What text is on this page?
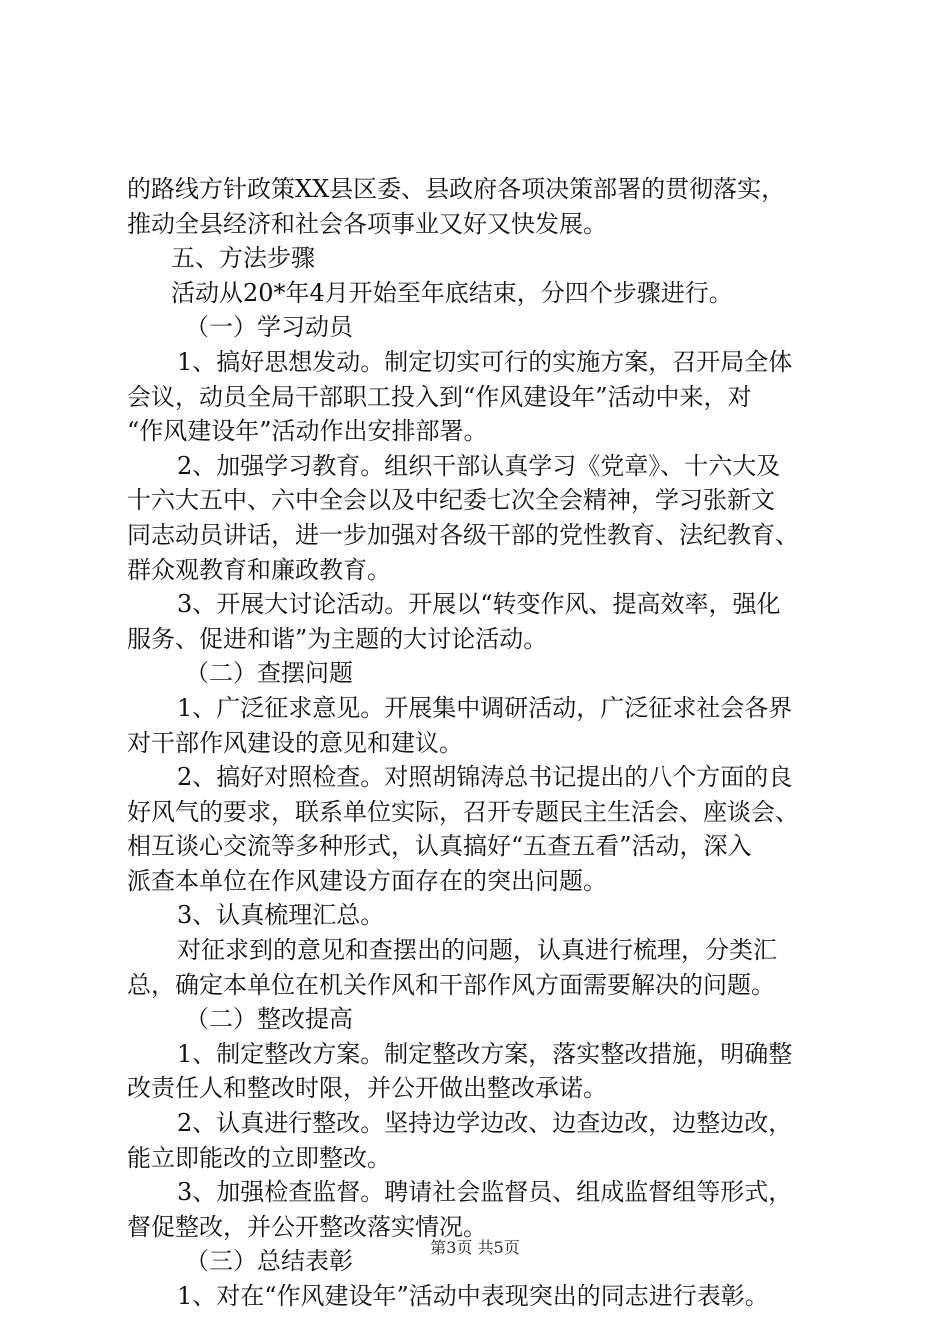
的路线方针政策XX县区委、县政府各项决策部署的贯彻落实，
推动全县经济和社会各项事业又好又快发展。
五、方法步骤
活动从20*年4月开始至年底结束，分四个步骤进行。
（一）学习动员
1、搞好思想发动。制定切实可行的实施方案，召开局全体
会议，动员全局干部职工投入到“作风建设年”活动中来，对
“作风建设年”活动作出安排部署。
2、加强学习教育。组织干部认真学习《党章》、十六大及
十六大五中、六中全会以及中纪委七次全会精神，学习张新文
同志动员讲话，进一步加强对各级干部的党性教育、法纪教育、
群众观教育和廉政教育。
3、开展大讨论活动。开展以“转变作风、提高效率，强化
服务、促进和谐”为主题的大讨论活动。
（二）查摆问题
1、广泛征求意见。开展集中调研活动，广泛征求社会各界
对干部作风建设的意见和建议。
2、搞好对照检查。对照胡锦涛总书记提出的八个方面的良
好风气的要求，联系单位实际，召开专题民主生活会、座谈会、
相互谈心交流等多种形式，认真搞好“五查五看”活动，深入
派查本单位在作风建设方面存在的突出问题。
3、认真梳理汇总。
对征求到的意见和查摆出的问题，认真进行梳理，分类汇
总，确定本单位在机关作风和干部作风方面需要解决的问题。
（二）整改提高
1、制定整改方案。制定整改方案，落实整改措施，明确整
改责任人和整改时限，并公开做出整改承诺。
2、认真进行整改。坚持边学边改、边查边改，边整边改，
能立即能改的立即整改。
3、加强检查监督。聘请社会监督员、组成监督组等形式，
督促整改，并公开整改落实情况。
（三）总结表彰
1、对在“作风建设年”活动中表现突出的同志进行表彰。
第3页 共5页
